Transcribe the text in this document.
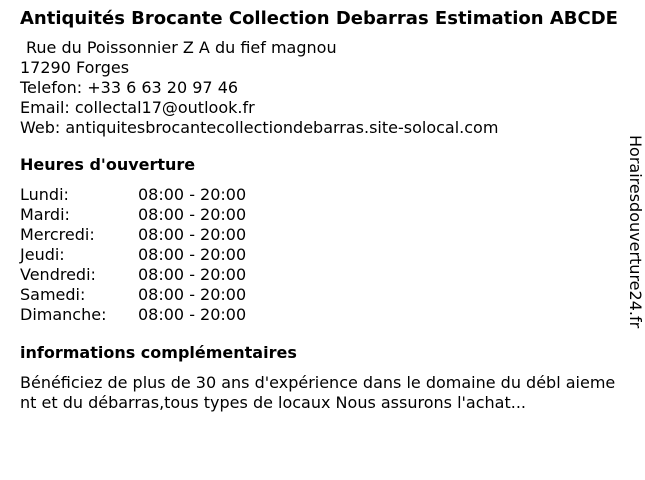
Antiquités Brocante Collection Debarras Estimation ABCDE
Rue du Poissonnier Z A du fief magnou
17290 Forges
Telefon: +33 6 63 20 97 46
Email: collectal17@outlook.fr
Web: antiquitesbrocantecollectiondebarras.site-solocal.com
Heures d'ouverture
Lundi:	08:00 - 20:00
Mardi:	08:00 - 20:00
Mercredi:	08:00 - 20:00
Jeudi:	08:00 - 20:00
Vendredi:	08:00 - 20:00
Samedi:	08:00 - 20:00
Dimanche:	08:00 - 20:00
informations complémentaires
Bénéficiez de plus de 30 ans d'expérience dans le domaine du débl aiement et du débarras,tous types de locaux Nous assurons l'achat...
Horairesdouverture24.fr
